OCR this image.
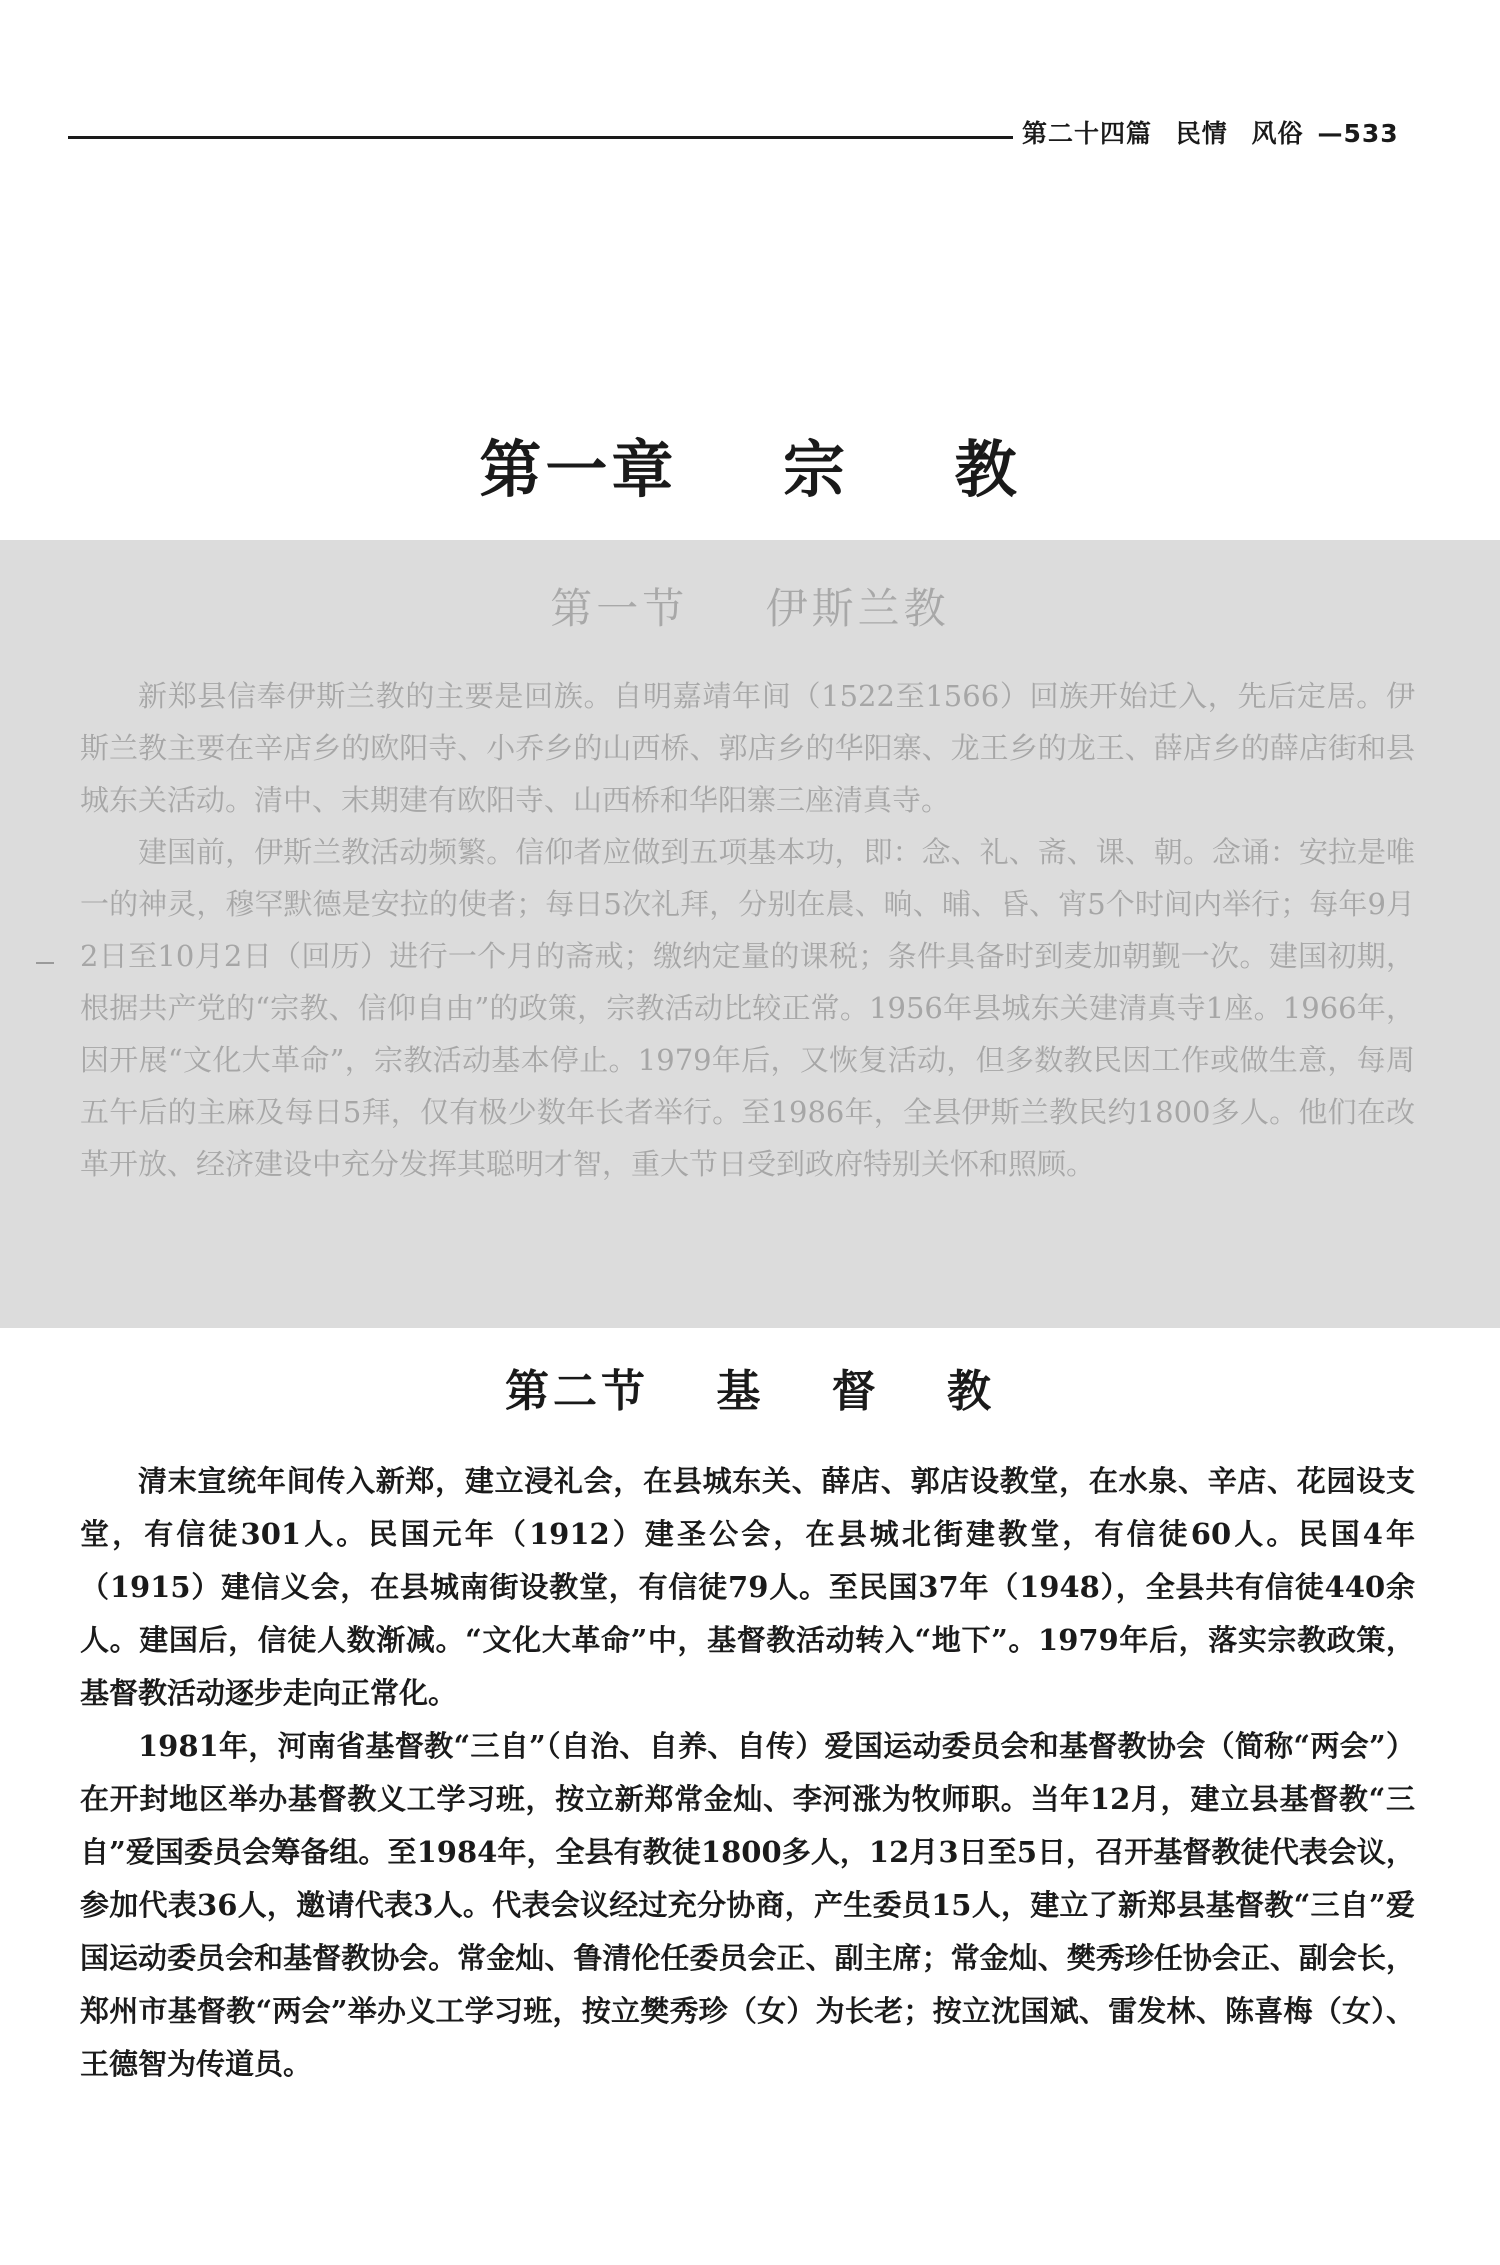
第二十四篇 民情 风俗 —533
第一章 宗 教
第一节 伊斯兰教

新郑县信奉伊斯兰教的主要是回族。自明嘉靖年间（1522至1566）回族开始迁入，先后定居。伊斯兰教主要在辛店乡的欧阳寺、小乔乡的山西桥、郭店乡的华阳寨、龙王乡的龙王、薛店乡的薛店街和县城东关活动。清中、末期建有欧阳寺、山西桥和华阳寨三座清真寺。

建国前，伊斯兰教活动频繁。信仰者应做到五项基本功，即：念、礼、斋、课、朝。念诵：安拉是唯一的神灵，穆罕默德是安拉的使者；每日5次礼拜，分别在晨、晌、晡、昏、宵5个时间内举行；每年9月2日至10月2日（回历）进行一个月的斋戒；缴纳定量的课税；条件具备时到麦加朝觐一次。建国初期，根据共产党的“宗教、信仰自由”的政策，宗教活动比较正常。1956年县城东关建清真寺1座。1966年，因开展“文化大革命”，宗教活动基本停止。1979年后，又恢复活动，但多数教民因工作或做生意，每周五午后的主麻及每日5拜，仅有极少数年长者举行。至1986年，全县伊斯兰教民约1800多人。他们在改革开放、经济建设中充分发挥其聪明才智，重大节日受到政府特别关怀和照顾。

第二节 基 督 教

清末宣统年间传入新郑，建立浸礼会，在县城东关、薛店、郭店设教堂，在水泉、辛店、花园设支堂，有信徒301人。民国元年（1912）建圣公会，在县城北街建教堂，有信徒60人。民国4年（1915）建信义会，在县城南街设教堂，有信徒79人。至民国37年（1948），全县共有信徒440余人。建国后，信徒人数渐减。“文化大革命”中，基督教活动转入“地下”。1979年后，落实宗教政策，基督教活动逐步走向正常化。

1981年，河南省基督教“三自”（自治、自养、自传）爱国运动委员会和基督教协会（简称“两会”）在开封地区举办基督教义工学习班，按立新郑常金灿、李河涨为牧师职。当年12月，建立县基督教“三自”爱国委员会筹备组。至1984年，全县有教徒1800多人，12月3日至5日，召开基督教徒代表会议，参加代表36人，邀请代表3人。代表会议经过充分协商，产生委员15人，建立了新郑县基督教“三自”爱国运动委员会和基督教协会。常金灿、鲁清伦任委员会正、副主席；常金灿、樊秀珍任协会正、副会长，郑州市基督教“两会”举办义工学习班，按立樊秀珍（女）为长老；按立沈国斌、雷发林、陈喜梅（女）、王德智为传道员。
